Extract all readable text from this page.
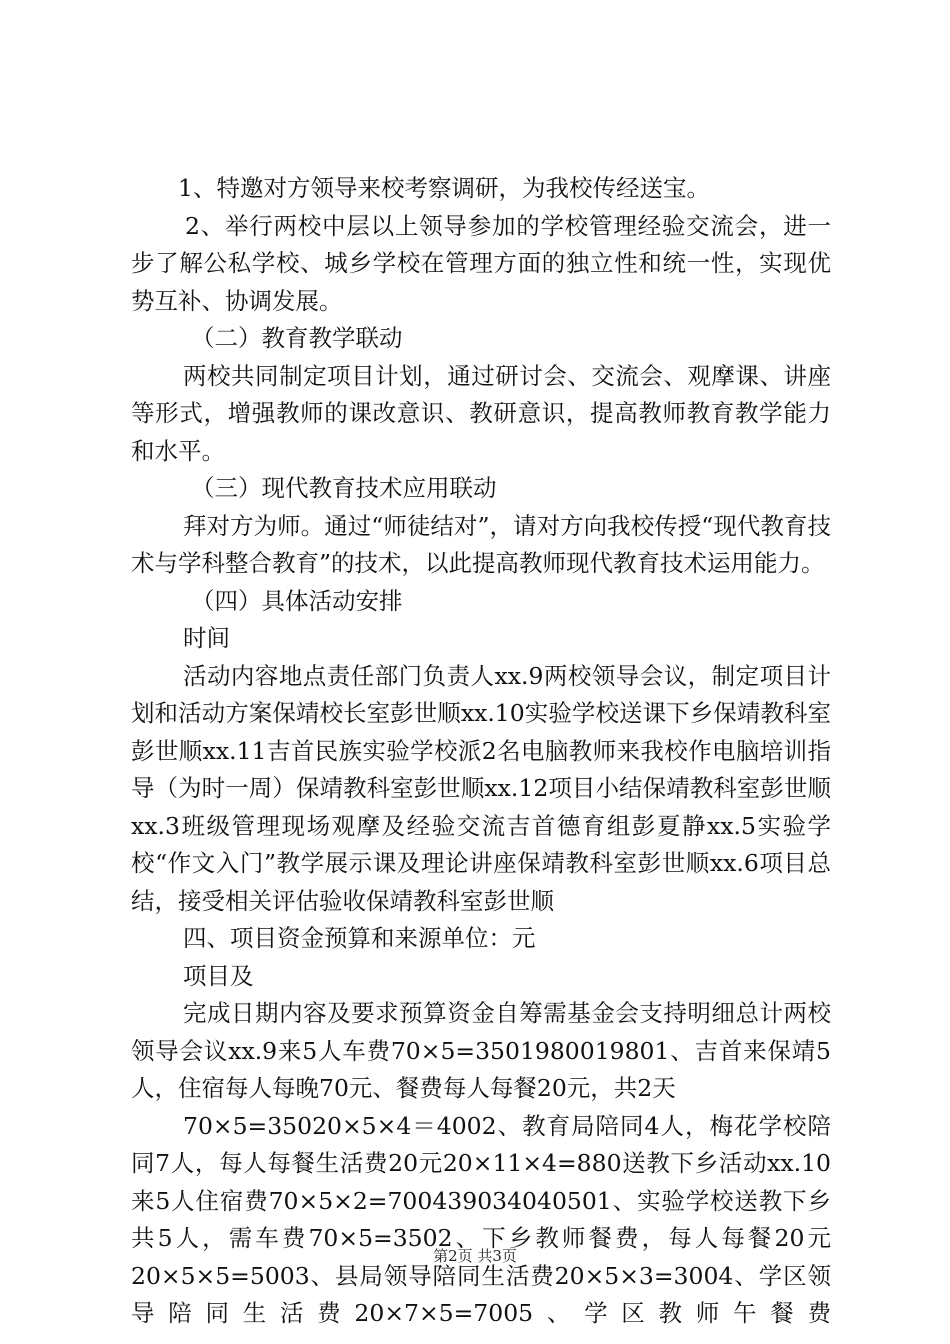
1、特邀对方领导来校考察调研，为我校传经送宝。

2、举行两校中层以上领导参加的学校管理经验交流会，进一步了解公私学校、城乡学校在管理方面的独立性和统一性，实现优势互补、协调发展。

（二）教育教学联动

两校共同制定项目计划，通过研讨会、交流会、观摩课、讲座等形式，增强教师的课改意识、教研意识，提高教师教育教学能力和水平。

（三）现代教育技术应用联动

拜对方为师。通过“师徒结对”，请对方向我校传授“现代教育技术与学科整合教育”的技术，以此提高教师现代教育技术运用能力。

（四）具体活动安排

时间

活动内容地点责任部门负责人xx.9两校领导会议，制定项目计划和活动方案保靖校长室彭世顺xx.10实验学校送课下乡保靖教科室彭世顺xx.11吉首民族实验学校派2名电脑教师来我校作电脑培训指导（为时一周）保靖教科室彭世顺xx.12项目小结保靖教科室彭世顺xx.3班级管理现场观摩及经验交流吉首德育组彭夏静xx.5实验学校“作文入门”教学展示课及理论讲座保靖教科室彭世顺xx.6项目总结，接受相关评估验收保靖教科室彭世顺

四、项目资金预算和来源单位：元

项目及

完成日期内容及要求预算资金自筹需基金会支持明细总计两校领导会议xx.9来5人车费70×5=3501980019801、吉首来保靖5人，住宿每人每晚70元、餐费每人每餐20元，共2天

70×5=35020×5×4＝4002、教育局陪同4人，梅花学校陪同7人，每人每餐生活费20元20×11×4=880送教下乡活动xx.10来5人住宿费70×5×2=700439034040501、实验学校送教下乡共5人，需车费70×5=3502、下乡教师餐费，每人每餐20元20×5×5=5003、县局领导陪同生活费20×5×3=3004、学区领导陪同生活费20×7×5=7005、学区教师午餐费

第2页 共3页
